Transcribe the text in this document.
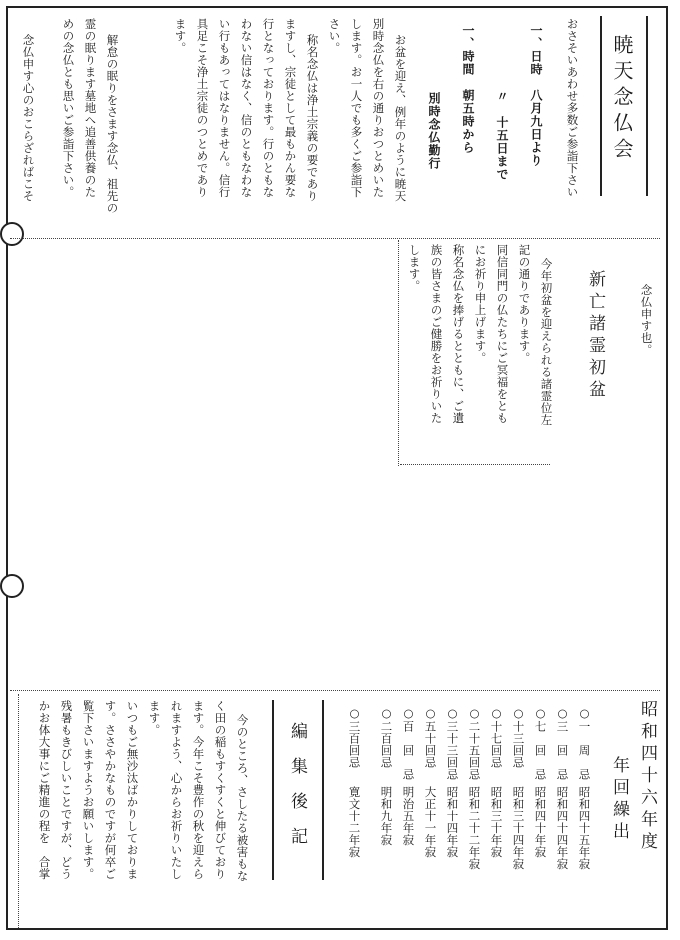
暁天念仏会
おさそいあわせ多数ご参詣下さい
一、日時　八月九日より
〃　十五日まで
一、時間　朝五時から
別時念仏勤行
お盆を迎え、例年のように暁天
別時念仏を右の通りおつとめいた
します。お一人でも多くご参詣下
さい。
称名念仏は浄土宗義の要であり
ますし、宗徒として最もかん要な
行となっております。行のともな
わない信はなく、信のともなわな
い行もあってはなりません。信行
具足こそ浄土宗徒のつとめであり
ます。
解怠の眠りをさます念仏、祖先の
霊の眠ります墓地へ追善供養のた
めの念仏とも思いご参詣下さい。
念仏申す心のおこらざればこそ
念仏申す也。
新亡諸霊初盆
今年初盆を迎えられる諸霊位左
記の通りであります。
同信同門の仏たちにご冥福をとも
にお祈り申上げます。
称名念仏を捧げるとともに、ご遺
族の皆さまのご健勝をお祈りいた
します。
昭和四十六年度
年回繰出
○一　周　忌
昭和四十五年寂
○三　回　忌
昭和四十四年寂
○七　回　忌
昭和四十年寂
○十三回忌
昭和三十四年寂
○十七回忌
昭和三十年寂
○二十五回忌
昭和二十二年寂
○三十三回忌
昭和十四年寂
○五十回忌
大正十一年寂
○百　回　忌
明治五年寂
○二百回忌
明和九年寂
○三百回忌
寛文十二年寂
編集後記
今のところ、さしたる被害もな
く田の稲もすくすくと伸びており
ます。今年こそ豊作の秋を迎えら
れますよう、心からお祈りいたし
ます。
いつもご無沙汰ばかりしておりま
す。ささやかなものですが何卒ご
覧下さいますようお願いします。
残暑もきびしいことですが、どう
かお体大事にご精進の程を　合掌
